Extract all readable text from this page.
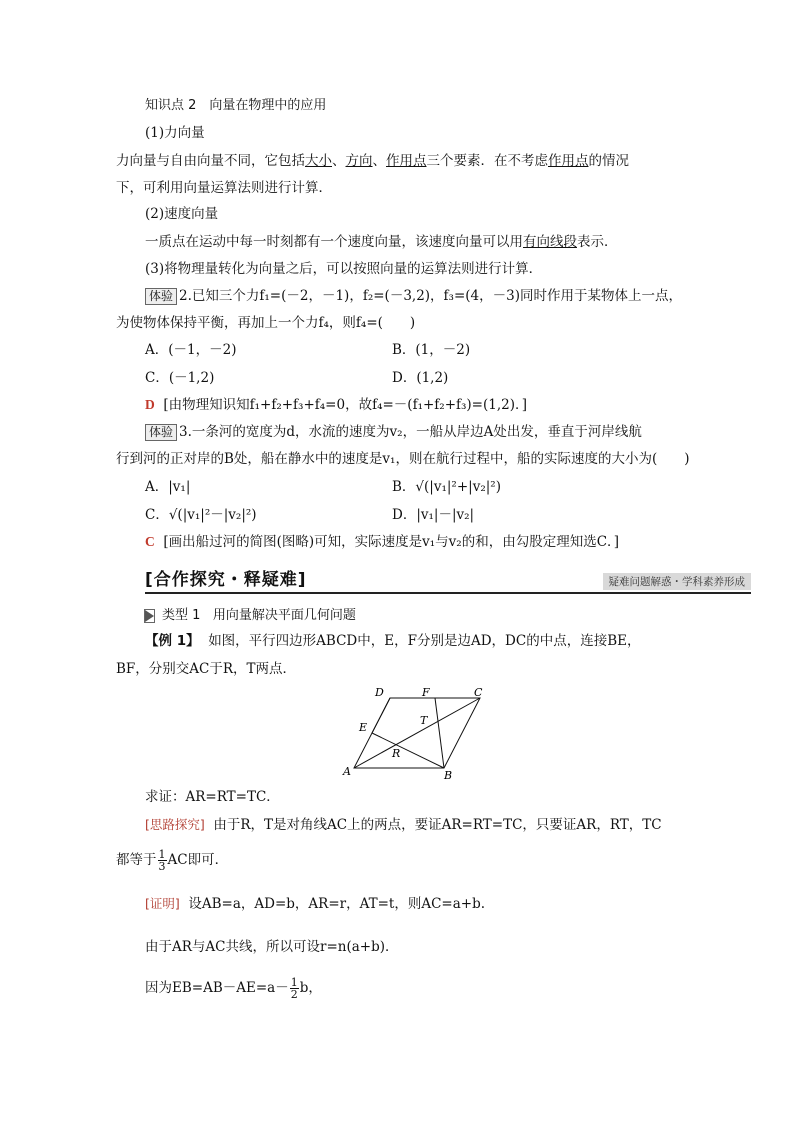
知识点 2　向量在物理中的应用
(1)力向量
力向量与自由向量不同，它包括大小、方向、作用点三个要素．在不考虑作用点的情况
下，可利用向量运算法则进行计算．
(2)速度向量
一质点在运动中每一时刻都有一个速度向量，该速度向量可以用有向线段表示．
(3)将物理量转化为向量之后，可以按照向量的运算法则进行计算．
体验 2.已知三个力f₁=(－2，－1)，f₂=(－3,2)，f₃=(4，－3)同时作用于某物体上一点，
为使物体保持平衡，再加上一个力f₄，则f₄=(　　)
A．(－1，－2)	B．(1，－2)
C．(－1,2)	D．(1,2)
D [由物理知识知f₁+f₂+f₃+f₄=0，故f₄=－(f₁+f₂+f₃)=(1,2)．]
体验 3.一条河的宽度为d，水流的速度为v₂，一船从岸边A处出发，垂直于河岸线航
行到河的正对岸的B处，船在静水中的速度是v₁，则在航行过程中，船的实际速度的大小为(　　)
A．|v₁|	B．√(|v₁|²+|v₂|²)
C．√(|v₁|²－|v₂|²)	D．|v₁|－|v₂|
C [画出船过河的简图(图略)可知，实际速度是v₁与v₂的和，由勾股定理知选C．]
[合作探究・释疑难]	疑难问题解惑・学科素养形成
类型 1 用向量解决平面几何问题
【例 1】 如图，平行四边形ABCD中，E，F分别是边AD，DC的中点，连接BE，
BF，分别交AC于R，T两点．
D	F	C
E
T
R
A	B
求证：AR=RT=TC．
[思路探究] 由于R，T是对角线AC上的两点，要证AR=RT=TC，只要证AR，RT，TC
都等于 $\frac{1}{3}$ AC即可．
[证明] 设AB=a，AD=b，AR=r，AT=t，则AC=a+b.
由于AR与AC共线，所以可设r=n(a+b)．
因为$EB=AB-AE=a- \frac{1}{2}$ b，
